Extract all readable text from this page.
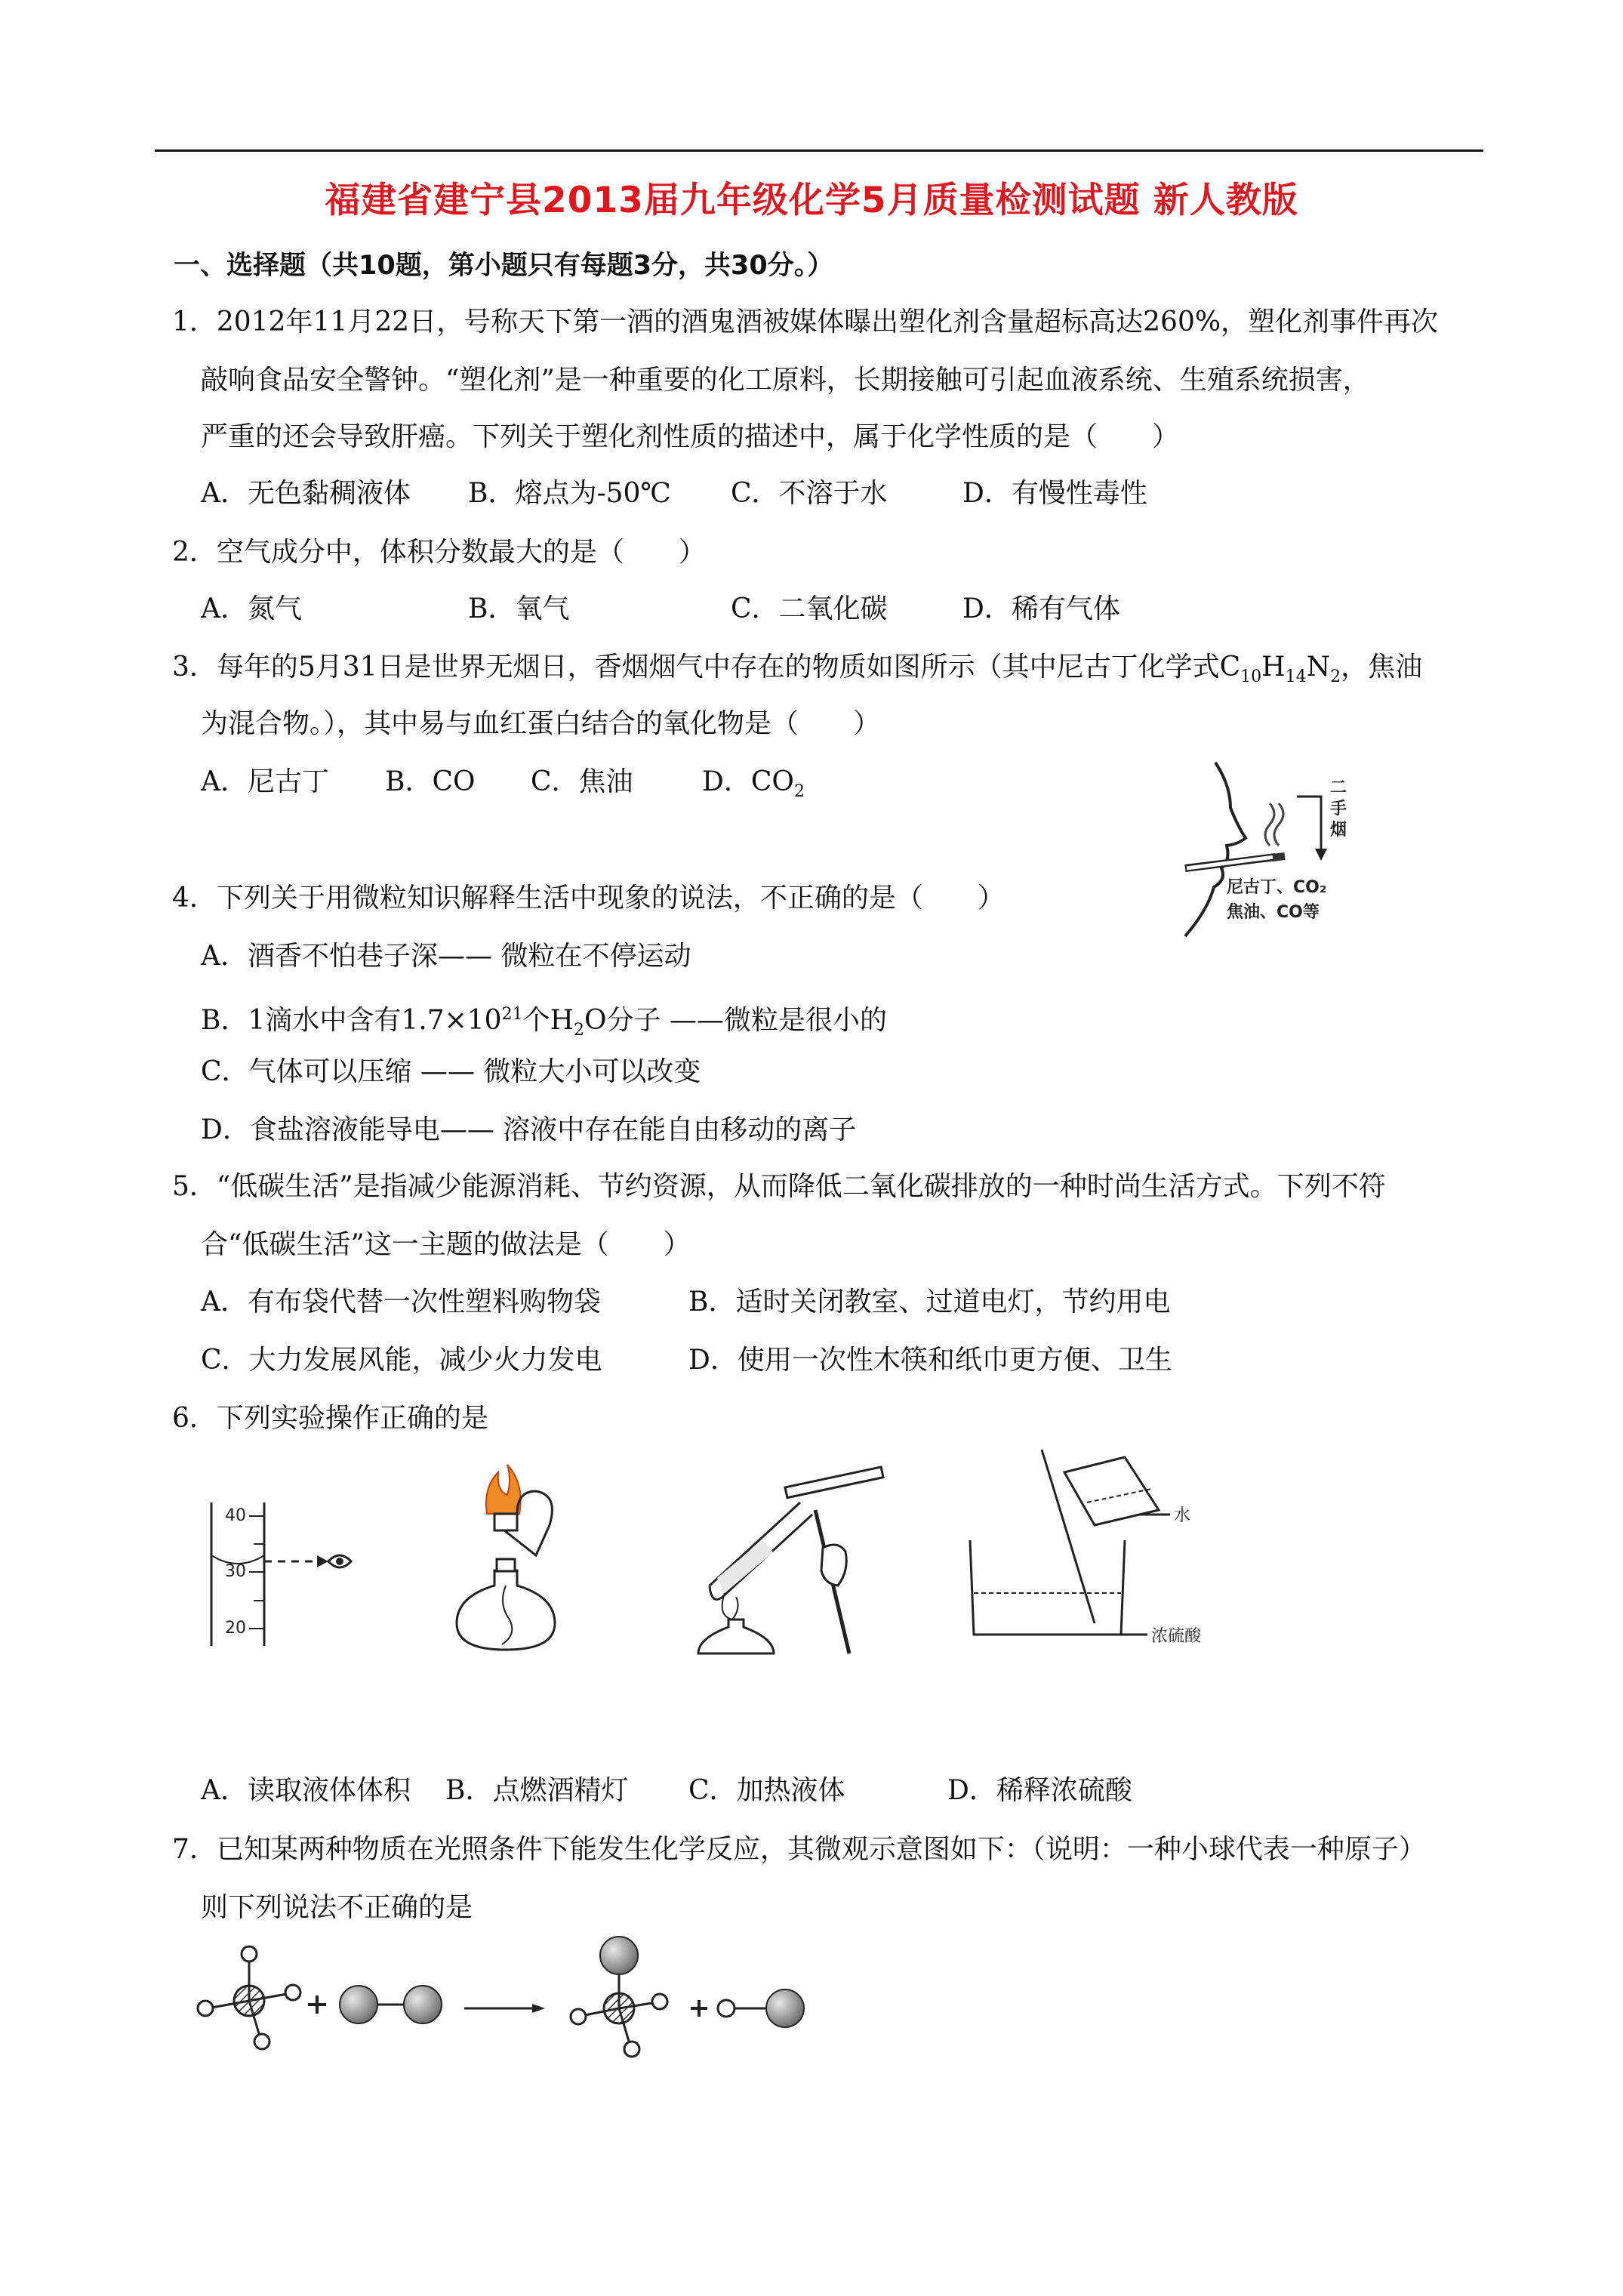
福建省建宁县2013届九年级化学5月质量检测试题 新人教版
一、选择题（共10题，第小题只有每题3分，共30分。）
1．2012年11月22日，号称天下第一酒的酒鬼酒被媒体曝出塑化剂含量超标高达260%，塑化剂事件再次
敲响食品安全警钟。“塑化剂”是一种重要的化工原料，长期接触可引起血液系统、生殖系统损害，
严重的还会导致肝癌。下列关于塑化剂性质的描述中，属于化学性质的是（　　）
A．无色黏稠液体 B．熔点为-50℃ C．不溶于水	D．有慢性毒性
2．空气成分中，体积分数最大的是（　　）
A．氮气	B．氧气	C．二氧化碳	D．稀有气体
3．每年的5月31日是世界无烟日，香烟烟气中存在的物质如图所示（其中尼古丁化学式$C_{10}H_{14}N_2$，焦油
为混合物。），其中易与血红蛋白结合的氧化物是（　　）
A．尼古丁 B．CO C．焦油	D．$CO_2$	二
手
烟
尼古丁、CO₂
焦油、CO等
4．下列关于用微粒知识解释生活中现象的说法，不正确的是（　　）
A．酒香不怕巷子深—— 微粒在不停运动
B．1滴水中含有$1.7\times 10^{21}$个$H_2O$分子 ——微粒是很小的
C．气体可以压缩 —— 微粒大小可以改变
D．食盐溶液能导电—— 溶液中存在能自由移动的离子
5．“低碳生活”是指减少能源消耗、节约资源，从而降低二氧化碳排放的一种时尚生活方式。下列不符
合“低碳生活”这一主题的做法是（　　）
A．有布袋代替一次性塑料购物袋	B．适时关闭教室、过道电灯，节约用电
C．大力发展风能，减少火力发电	D．使用一次性木筷和纸巾更方便、卫生
6．下列实验操作正确的是
40
30
20
水
浓硫酸
A．读取液体体积 B．点燃酒精灯 C．加热液体	D．稀释浓硫酸
7．已知某两种物质在光照条件下能发生化学反应，其微观示意图如下：（说明：一种小球代表一种原子）
则下列说法不正确的是
